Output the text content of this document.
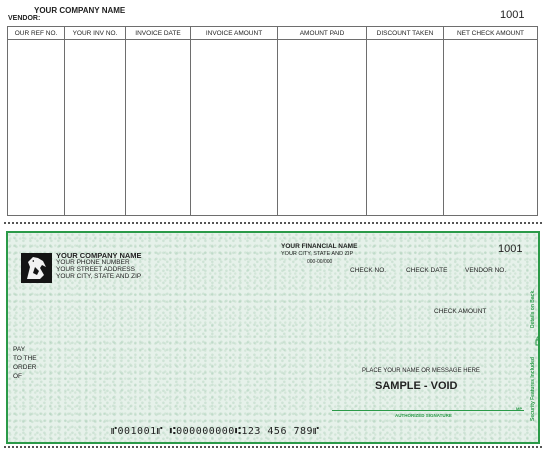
YOUR COMPANY NAME
VENDOR:	1001
OUR REF NO.	YOUR INV NO.	INVOICE DATE	INVOICE AMOUNT	AMOUNT PAID	DISCOUNT TAKEN	NET CHECK AMOUNT
YOUR COMPANY NAME
YOUR PHONE NUMBER
YOUR STREET ADDRESS
YOUR CITY, STATE AND ZIP
YOUR FINANCIAL NAME
YOUR CITY, STATE AND ZIP
000-00/000
1001
CHECK NO.	CHECK DATE	VENDOR NO.
CHECK AMOUNT
PAY
TO THE
ORDER
OF
PLACE YOUR NAME OR MESSAGE HERE
SAMPLE - VOID
MP
AUTHORIZED SIGNATURE
⑈001001⑈ ⑆000000000⑆123 456 789⑈
Security Features Included
Details on Back.
